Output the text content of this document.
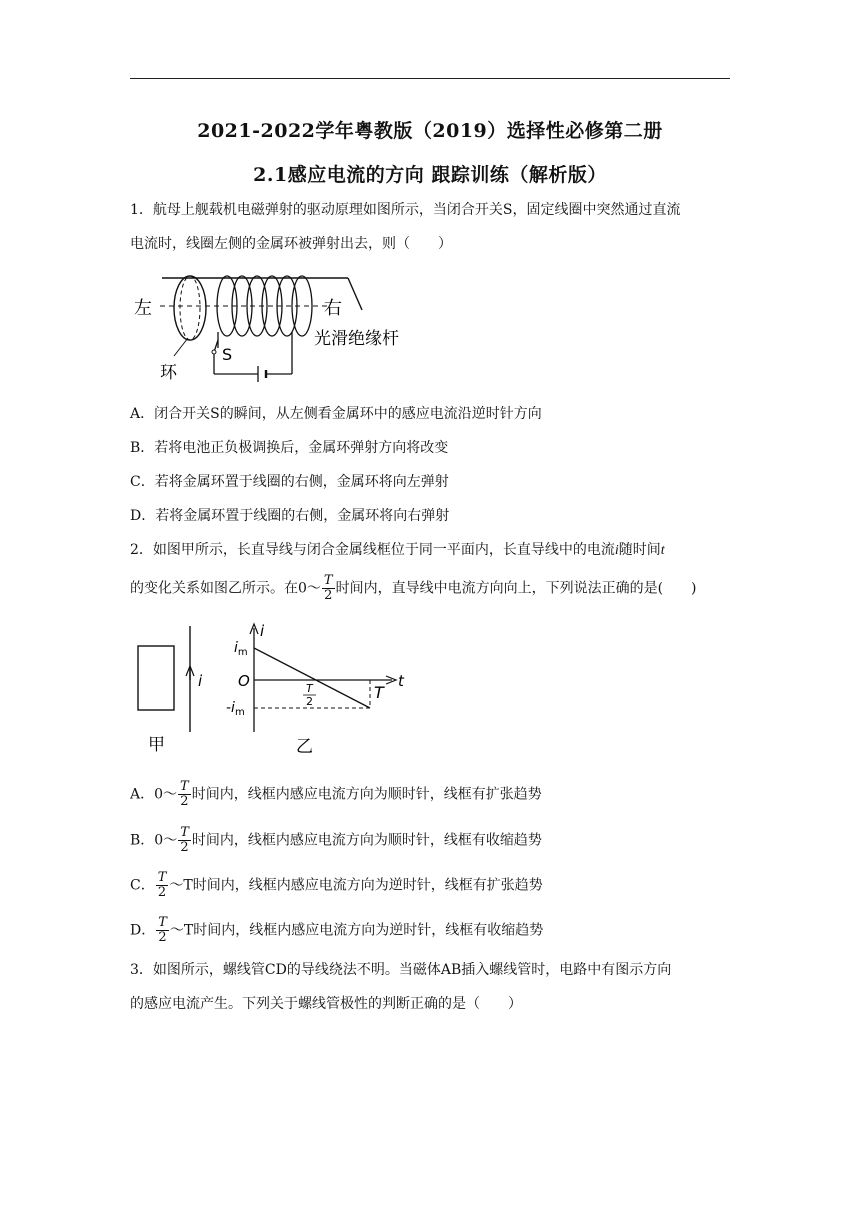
2021-2022学年粤教版（2019）选择性必修第二册
2.1感应电流的方向 跟踪训练（解析版）
1．航母上舰载机电磁弹射的驱动原理如图所示，当闭合开关S，固定线圈中突然通过直流
电流时，线圈左侧的金属环被弹射出去，则（　　）
左	右
光滑绝缘杆
S
环
A．闭合开关S的瞬间，从左侧看金属环中的感应电流沿逆时针方向
B．若将电池正负极调换后，金属环弹射方向将改变
C．若将金属环置于线圈的右侧，金属环将向左弹射
D．若将金属环置于线圈的右侧，金属环将向右弹射
2．如图甲所示，长直导线与闭合金属线框位于同一平面内，长直导线中的电流i随时间t
的变化关系如图乙所示。在0～ $\frac{T}{2}$ 时间内，直导线中电流方向向上，下列说法正确的是(　　)
i
甲
i
t
$i_m$
O
$-i_m$
T
2	T
乙
A．0～ $\frac{T}{2}$ 时间内，线框内感应电流方向为顺时针，线框有扩张趋势
B．0～ $\frac{T}{2}$ 时间内，线框内感应电流方向为顺时针，线框有收缩趋势
C． $\frac{T}{2}$ ～T时间内，线框内感应电流方向为逆时针，线框有扩张趋势
D． $\frac{T}{2}$ ～T时间内，线框内感应电流方向为逆时针，线框有收缩趋势
3．如图所示，螺线管CD的导线绕法不明。当磁体AB插入螺线管时，电路中有图示方向
的感应电流产生。下列关于螺线管极性的判断正确的是（　　）
